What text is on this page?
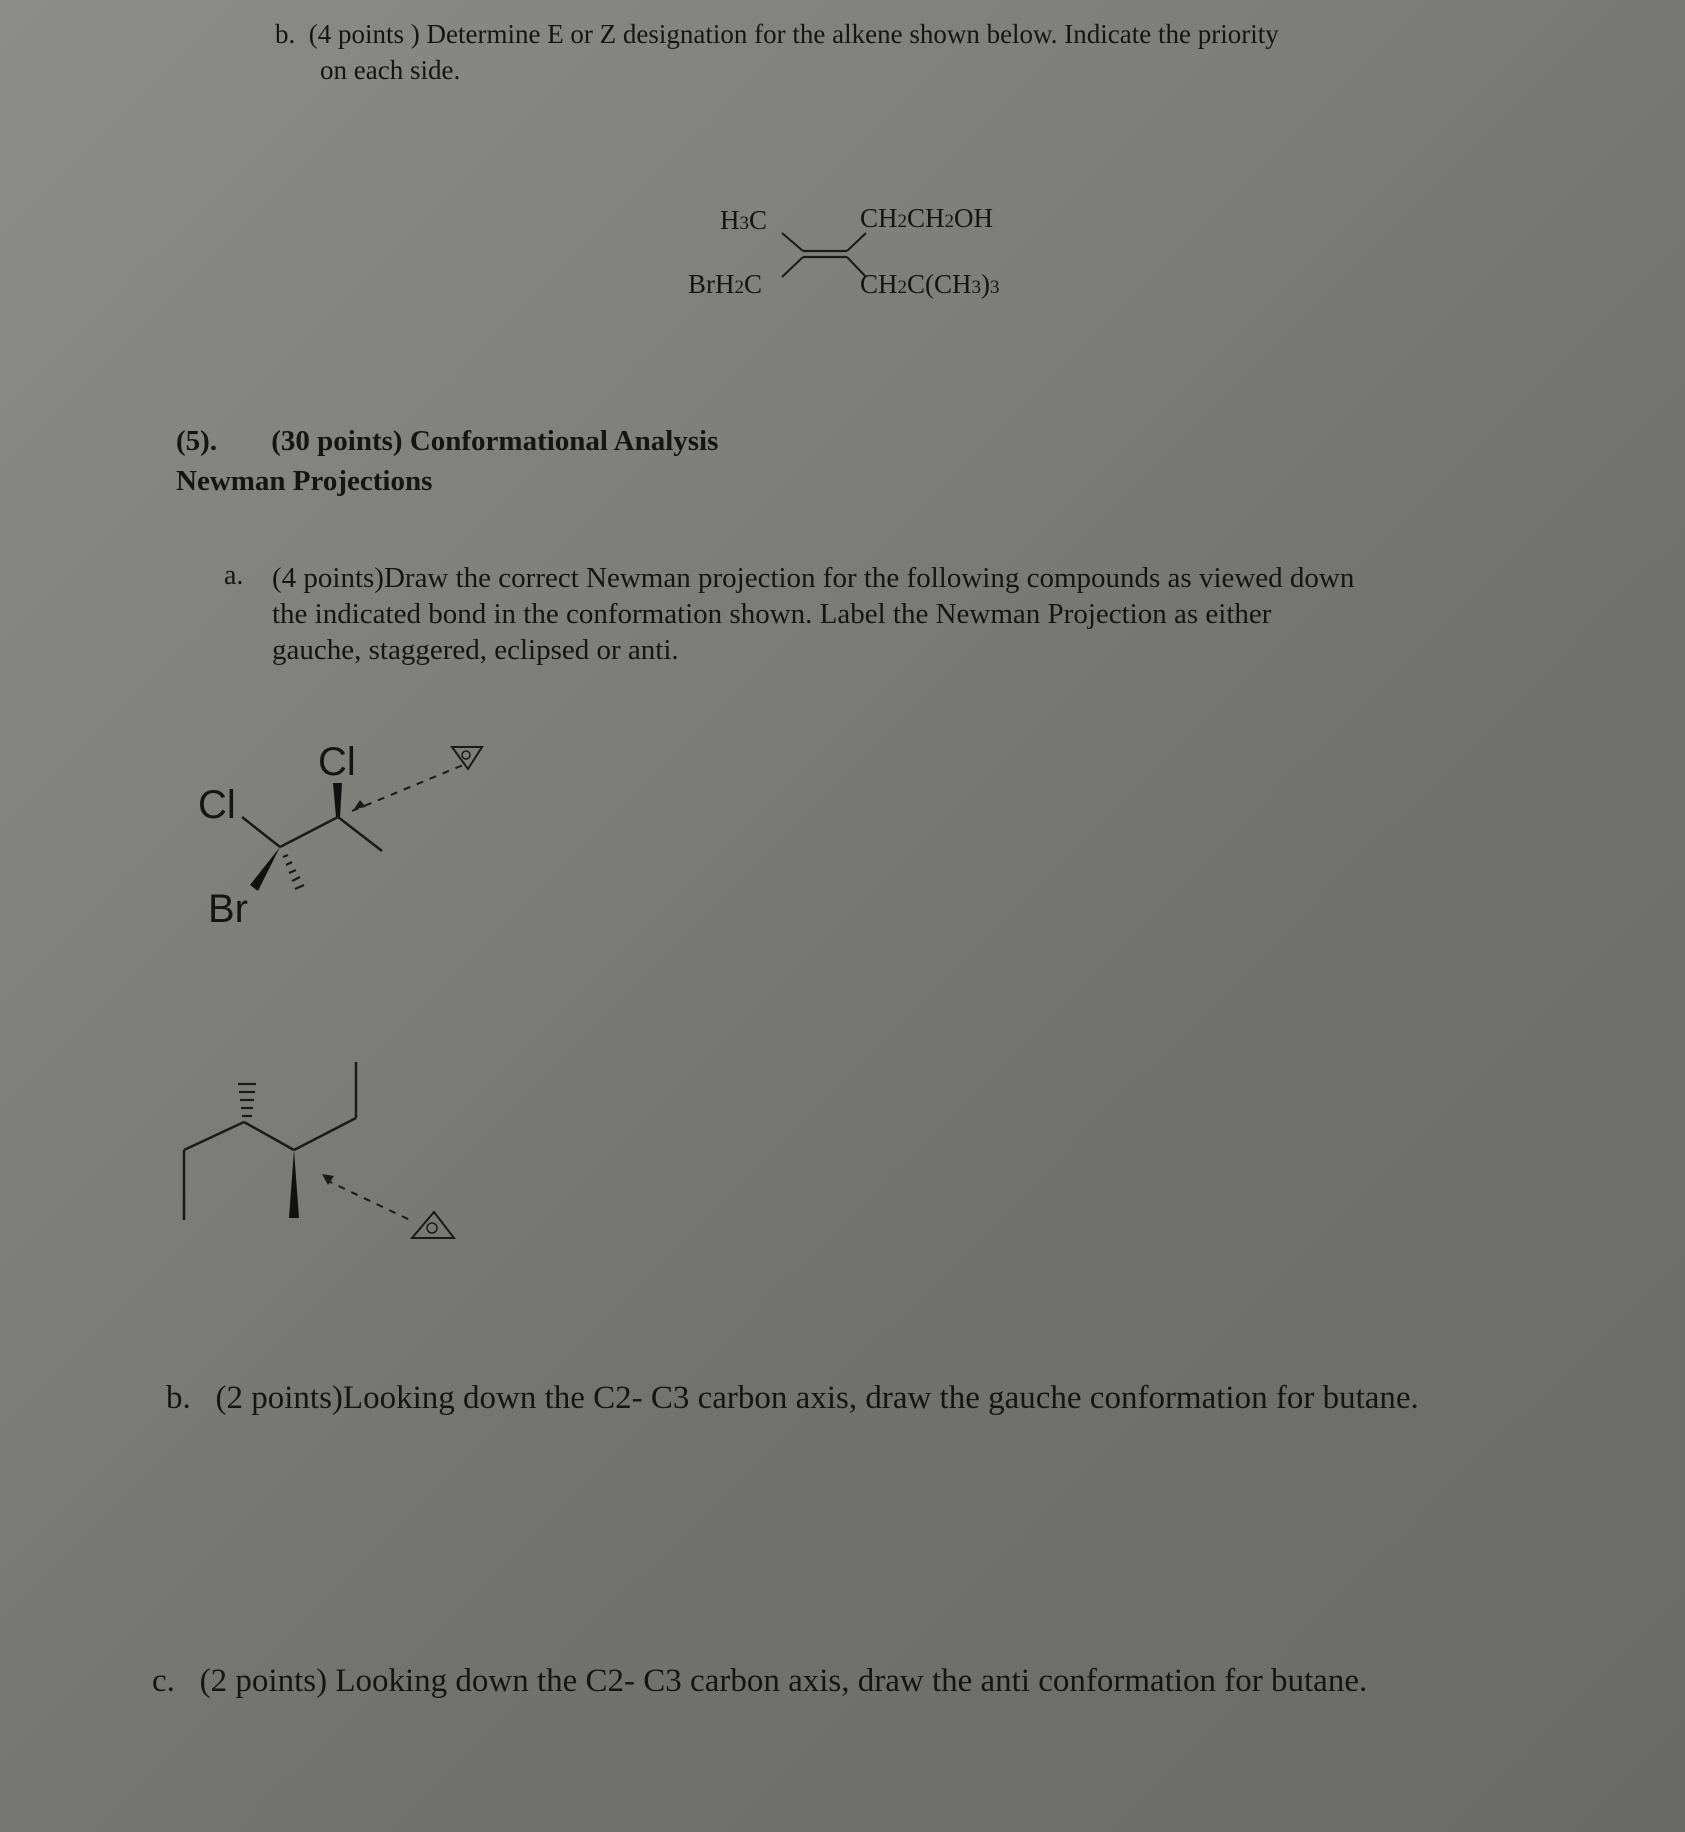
b. (4 points ) Determine E or Z designation for the alkene shown below. Indicate the priority
on each side.
H3C
BrH2C
CH2CH2OH
CH2C(CH3)3
(5). (30 points) Conformational Analysis
Newman Projections
a. (4 points)Draw the correct Newman projection for the following compounds as viewed down
the indicated bond in the conformation shown. Label the Newman Projection as either
gauche, staggered, eclipsed or anti.
Cl
Cl
Br
b. (2 points)Looking down the C2- C3 carbon axis, draw the gauche conformation for butane.
c. (2 points) Looking down the C2- C3 carbon axis, draw the anti conformation for butane.
